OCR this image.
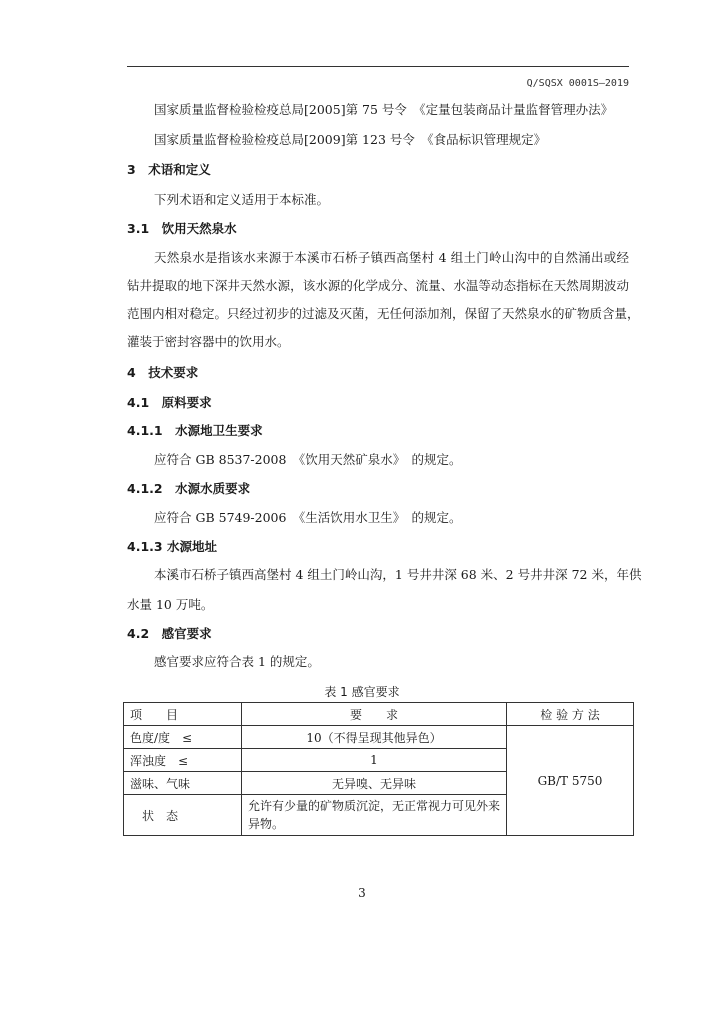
Q/SQSX 0001S—2019
国家质量监督检验检疫总局[2005]第 75 号令　《定量包装商品计量监督管理办法》
国家质量监督检验检疫总局[2009]第 123 号令　《食品标识管理规定》
3　术语和定义
下列术语和定义适用于本标准。
3.1　饮用天然泉水
天然泉水是指该水来源于本溪市石桥子镇西高堡村 4 组土门岭山沟中的自然涌出或经
钻井提取的地下深井天然水源，该水源的化学成分、流量、水温等动态指标在天然周期波动
范围内相对稳定。只经过初步的过滤及灭菌，无任何添加剂，保留了天然泉水的矿物质含量，
灌装于密封容器中的饮用水。
4　技术要求
4.1　原料要求
4.1.1　水源地卫生要求
应符合 GB 8537-2008　《饮用天然矿泉水》　的规定。
4.1.2　水源水质要求
应符合 GB 5749-2006　《生活饮用水卫生》　的规定。
4.1.3 水源地址
本溪市石桥子镇西高堡村 4 组土门岭山沟，1 号井井深 68 米、2 号井井深 72 米，年供
水量 10 万吨。
4.2　感官要求
感官要求应符合表 1 的规定。
表 1 感官要求
项　　目	要　　求	检 验 方 法
色度/度　≤	10（不得呈现其他异色）	GB/T 5750
浑浊度　≤	1	
滋味、气味	无异嗅、无异味	
状　态	允许有少量的矿物质沉淀，无正常视力可见外来异物。	
3
